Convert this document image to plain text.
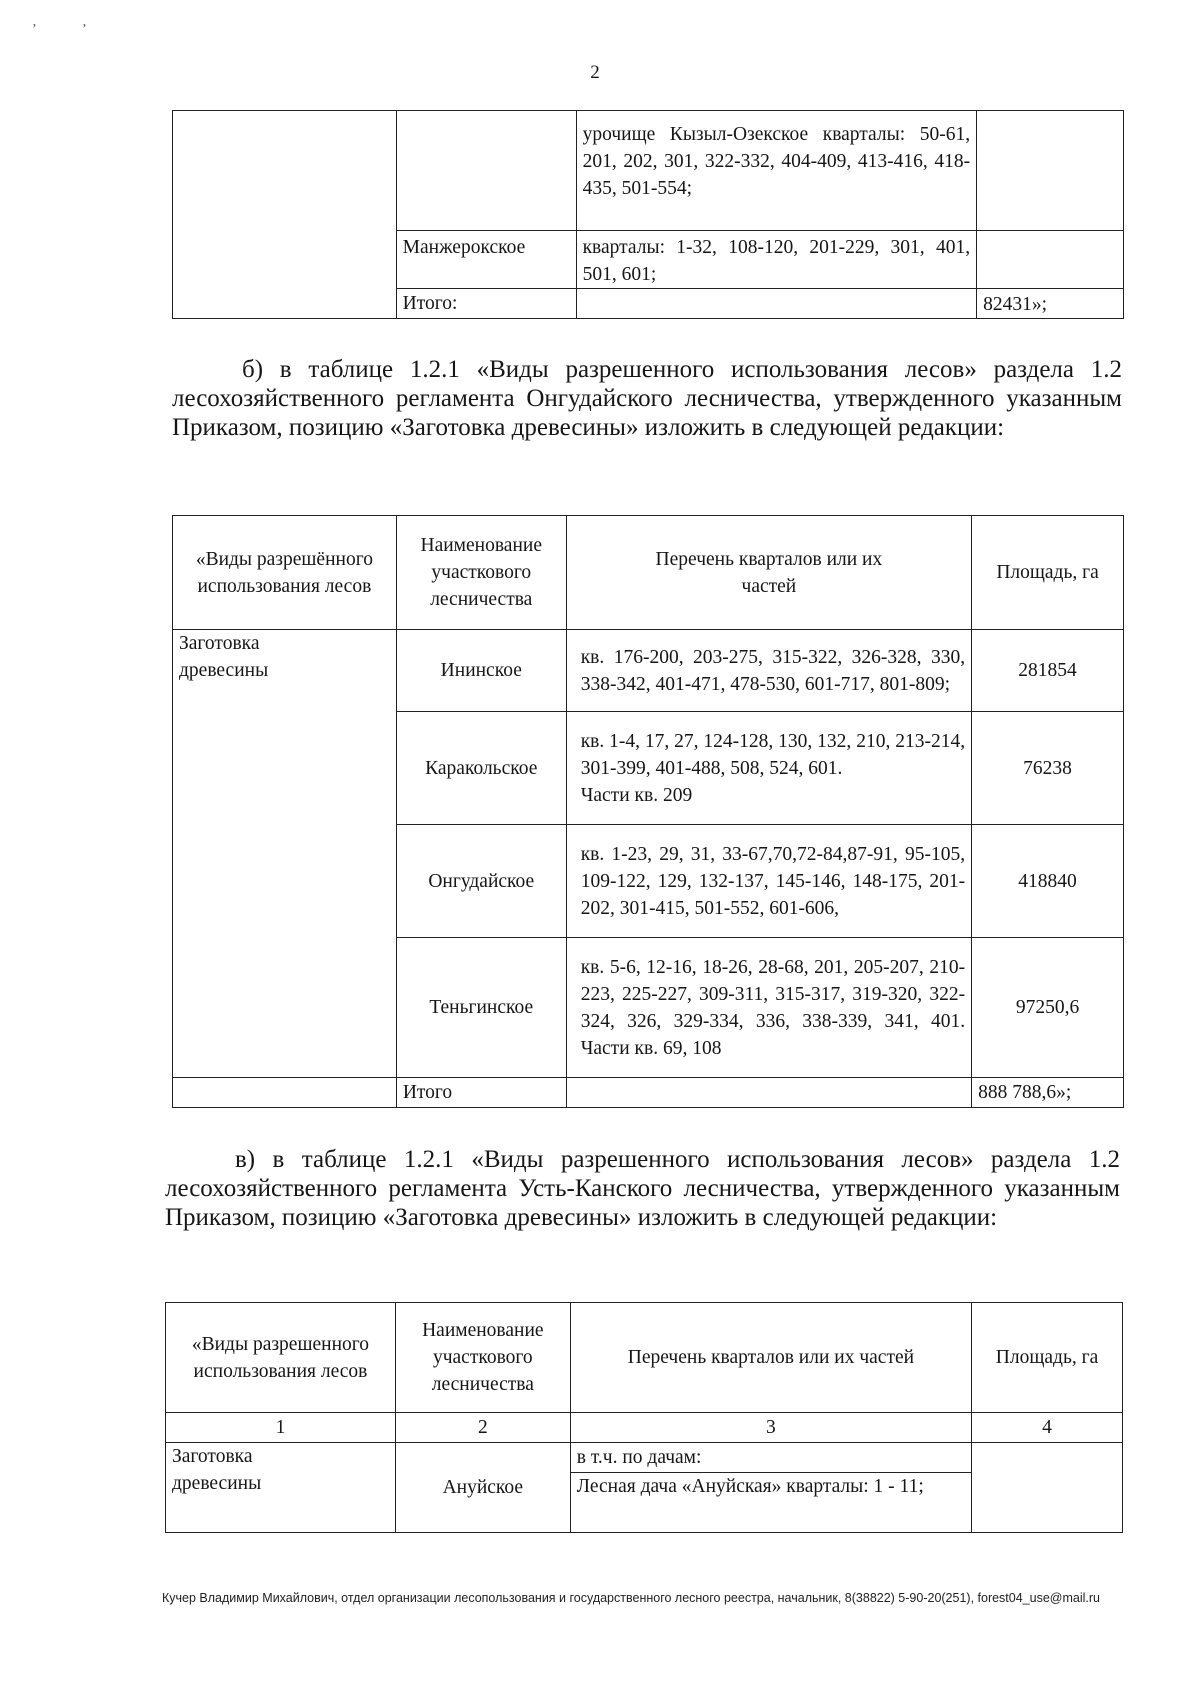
ʼ	ʼ
2
		урочище Кызыл-Озекское кварталы: 50-61, 201, 202, 301, 322-332, 404-409, 413-416, 418-435, 501-554;	
	Манжерокское	кварталы: 1-32, 108-120, 201-229, 301, 401, 501, 601;	
	Итого:		82431»;
б) в таблице 1.2.1 «Виды разрешенного использования лесов» раздела 1.2 лесохозяйственного регламента Онгудайского лесничества, утвержденного указанным Приказом, позицию «Заготовка древесины» изложить в следующей редакции:
«Виды разрешённого использования лесов	Наименование участкового лесничества	Перечень кварталов или их частей	Площадь, га
Заготовка древесины	Ининское	кв. 176-200, 203-275, 315-322, 326-328, 330, 338-342, 401-471, 478-530, 601-717, 801-809;	281854
	Каракольское	кв. 1-4, 17, 27, 124-128, 130, 132, 210, 213-214, 301-399, 401-488, 508, 524, 601.
Части кв. 209	76238
	Онгудайское	кв. 1-23, 29, 31, 33-67,70,72-84,87-91, 95-105, 109-122, 129, 132-137, 145-146, 148-175, 201-202, 301-415, 501-552, 601-606,	418840
	Теньгинское	кв. 5-6, 12-16, 18-26, 28-68, 201, 205-207, 210- 223, 225-227, 309-311, 315-317, 319-320, 322-324, 326, 329-334, 336, 338-339, 341, 401. Части кв. 69, 108	97250,6
	Итого		888 788,6»;
в) в таблице 1.2.1 «Виды разрешенного использования лесов» раздела 1.2 лесохозяйственного регламента Усть-Канского лесничества, утвержденного указанным Приказом, позицию «Заготовка древесины» изложить в следующей редакции:
«Виды разрешенного использования лесов	Наименование участкового лесничества	Перечень кварталов или их частей	Площадь, га
1	2	3	4
Заготовка древесины	Ануйское	в т.ч. по дачам:	
		Лесная дача «Ануйская» кварталы: 1 - 11;	
Кучер Владимир Михайлович, отдел организации лесопользования и государственного лесного реестра, начальник, 8(38822) 5-90-20(251), forest04_use@mail.ru
